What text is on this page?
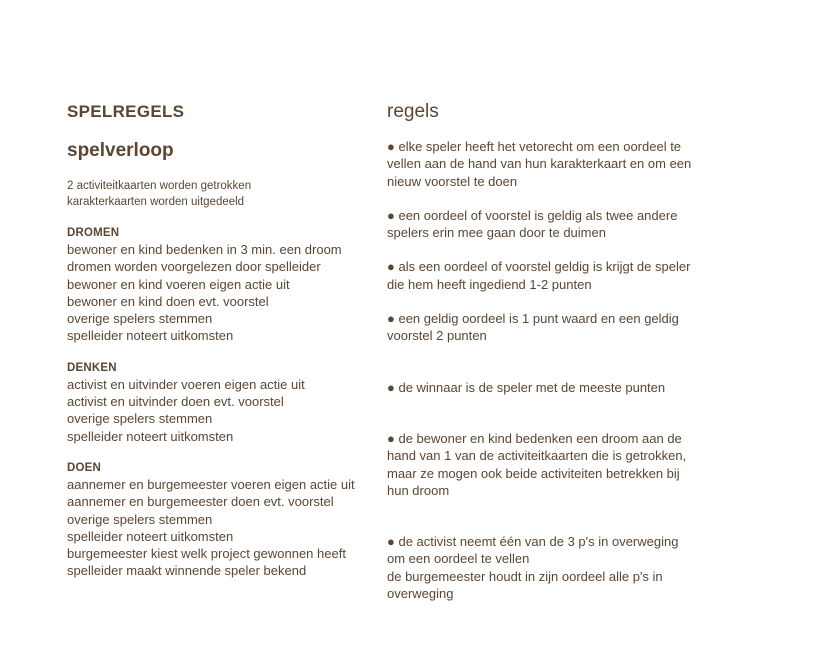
SPELREGELS
spelverloop
2 activiteitkaarten worden getrokken
karakterkaarten worden uitgedeeld
DROMEN
bewoner en kind bedenken in 3 min. een droom
dromen worden voorgelezen door spelleider
bewoner en kind voeren eigen actie uit
bewoner en kind doen evt. voorstel
overige spelers stemmen
spelleider noteert uitkomsten
DENKEN
activist en uitvinder voeren eigen actie uit
activist en uitvinder doen evt. voorstel
overige spelers stemmen
spelleider noteert uitkomsten
DOEN
aannemer en burgemeester voeren eigen actie uit
aannemer en burgemeester doen evt. voorstel
overige spelers stemmen
spelleider noteert uitkomsten
burgemeester kiest welk project gewonnen heeft
spelleider maakt winnende speler bekend
regels
● elke speler heeft het vetorecht om een oordeel te
vellen aan de hand van hun karakterkaart en om een
nieuw voorstel te doen
● een oordeel of voorstel is geldig als twee andere
spelers erin mee gaan door te duimen
● als een oordeel of voorstel geldig is krijgt de speler
die hem heeft ingediend 1-2 punten
● een geldig oordeel is 1 punt waard en een geldig
voorstel 2 punten
● de winnaar is de speler met de meeste punten
● de bewoner en kind bedenken een droom aan de
hand van 1 van de activiteitkaarten die is getrokken,
maar ze mogen ook beide activiteiten betrekken bij
hun droom
● de activist neemt één van de 3 p's in overweging
om een oordeel te vellen
de burgemeester houdt in zijn oordeel alle p's in
overweging
